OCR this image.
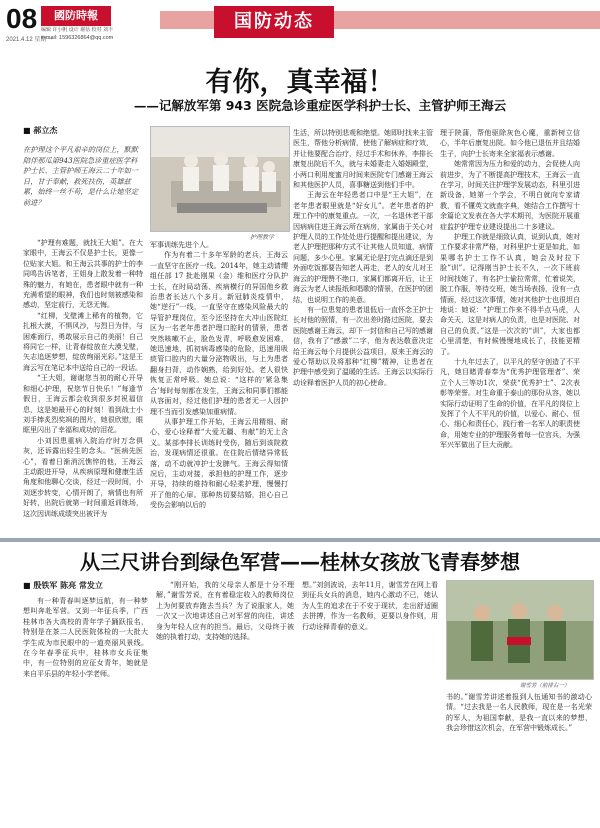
08
2021.4.12 星期一
國防時報
编辑 许小帆 设计 谢蓓 校对 刘丰
e-mail: 1596326864@qq.com
国防动态
有你，真幸福！
——记解放军第 943 医院急诊重症医学科护士长、主管护师王海云
■ 郝立杰
在护理这个平凡艰辛的岗位上，默默陪伴那瓜第943医院急诊重症医学科护士长、主管护师王海云二十年如一日，甘于奉献，救死扶伤，英雄兹累，始终一丝不苟，是什么让她坚定前进？
护理教学

“护理有难题，就找王大姐”。在大家眼中，王海云不仅是护士长，更像一位贴家大姐。和王海云共事的护士的李同鸣告诉笔者，王姐身上散发着一种特殊的魅力，有她在，患者眼中就有一种充满希望的眼神，我们也时刻被感染和感动，坚定前行，无怨无悔。

“红柳，戈壁滩上稀有的植物，它扎根大漠，不惧风沙，与烈日为伴，与困难面行，勇敢展示自己的美丽！自己将同它一样，让青春绽放在大漠戈壁，矢志追逐梦想，绽放绚丽光彩。”这是王海云写在笔记本中送给自己的一段话。

“王大姐，谢谢您当初的耐心开导和细心护理，祝您节日快乐！”每逢节假日，王海云都会收到很多封祝福信息，这是她最开心的时刻！看到战士小刘手捧炙烈奖飒的图片，她很欣慰，眼眶里闪出了幸福和成功的泪花。

小刘因患重病入院治疗时万念俱灰，还诉露出轻生的念头。“医病先医心”，看着日渐消沉憔悴的他，王海云主动跟进开导，从疾病原理和健康生活角度和他聊心交谈，经过一段时间，小刘逐步转变，心情开朗了，病情也有所好转，出院后就第一时间重返训练场，这次因训练成绩突出被评为

军事训练先进个人。

作为有着二十多年军龄的老兵，王海云一直坚守在医疗一线。2014年，她主动请缨组任部 17 批赴刚果（金）维和医疗分队护士长，在时局动荡、疾病横行的异国他乡救治患者长达八个多月。新冠肺炎疫情中，她“逆行”一线，一直坚守在感染风险最大的导管护理岗位，至今还坚持在大冲山医院红区为一名老年患者护理口腔时的情景，患者突然咳嗽不止，脸色发青，呼吸愈发困难，她迅速地，抓初病毒感染的危险，迅速用吸痰管口腔内的大量分泌物吸出，与上为患者翻身扫背，动作娴熟，给到好处。老人很快恢复正常呼吸。她总说：“这样的‘紧急集合’每时每刻都在发生，王海云和同事们都能从容面对，经过他们护理的患者无一人因护理不当而引发感染加重病情。

从事护理工作开始，王海云用精细、耐心、爱心诠释着“大爱无疆、有献”的无上含义。某部李排长训练时受伤，随后到该院救治，发现病情还很重。在住院后情绪异常低落，动不动就冲护士发脾气。王海云得知情况后，主动对接，承担他的护理工作，逐步开导，持续的维持和耐心轻柔护理，慢慢打开了他的心扉。那种热切要结婚，担心自己受伤会影响以后的

生活，所以特别悲观和绝望。她即时找来主管医生，帮他分析病情，使他了解病症和疗效，并让他要配合治疗，经过手术和休养，李排长康复出院后不久，就与未婚妻走入婚姻殿堂，小两口利用度蜜月时间来医院专门感谢王海云和其他医护人员，喜事糖送到他们手中。

王海云在年轻患者口中是“王大姐”，在老年患者眼里就是“好女儿”。老年患者的护理工作中的康复重点。一次，一名退休老干部因病病住进王海云所在病房，家属由于关心对护理人员的工作处处进行提醒和提出建议，为老人护理把那种方式不让其他人员知道，病情问题，多少心里。家属无论是打完点滴还是到外面吃饭都要告知老人再走，老人的女儿对王海云的护理赞不绝口，家属们都离开后，让王海云为老人读报纸和唱歌的情景，在医护的团结，也说明工作的美意。

有一位患复的患者退低后一直怀念王护士长对他的照情，有一次出差时路过医院，要去医院感谢王海云，却下一封信和自己写的感谢信，我有了“感激”二字，他为表达敬意决定给王海云每个月提供公益项目，原来王海云的爱心帮助以及将那种“红柳”精神，让患者在护理中感受到了温暖的生活。王海云以实际行动诠释着医护人员的初心使命。

理于陕蒲，帮他驱除灰色心魔，重新树立信心，半年后康复出院。如今他已退伍并且结婚生子，向护士长寄来全家福表示感谢。

她常常因为压力和爱的动力，会促使人向前进步，为了不断提高护理技术，王海云一直在学习，时间关注护理学发展动态，科里引进新设备，她第一个学会，不明白就向专家请教，看不懂英文就查字典，她结合工作撰写十余篇论文发表在各大学术期刊，为医院开展重症监护护理专业建设提出二十多建议。

护理工作就是细致认真，说到认真，她对工作要求非常严格，对科里护士更是如此，如果哪名护士工作不认真，她会及时拉下脸”训”。记得刚当护士长不久，一次下班前时间找她了，有名护士偷拉常常，忙着说笑，脱工作服，等待交班，她当场表扬，没有一点情面，经过这次事情，她对其他护士也很坦白地说：她说：“护理工作来不得半点马虎，人命关天，这是对病人的负责，也是对医院、对自己的负责。”这是一次次的“训”，大家也都心里清楚，有时候慢慢地成长了，技能更精了。

十九年过去了，以平凡的坚守创造了不平凡，她目睹青春奉为“优秀护理管理者”、荣立个人三等功1次，荣获“优秀护士”、2次表彰等荣誉。对生命重于泰山的那份从容，她以实际行动证明了生命的价值，在平凡的岗位上发挥了个人不平凡的价值，以爱心、耐心、恒心、细心和责任心，践行着一名军人的职责使命，用她专业的护理服务着每一位官兵，为强军兴军做出了巨大贡献。

从三尺讲台到绿色军营——桂林女孩放飞青春梦想
■ 殷铁军 陈亮 常发立

有一种青春叫逐梦远航，有一种梦想叫奔赴军营。又到一年征兵季，广西桂林市各大高校的青年学子踊跃报名，特别是在茶二人民医院体检的一大批大学生成为市民眼中的一道亮丽风景线。在今年春季征兵中，桂林市女兵征集中，有一位特别的应征女青年，她就是来自平乐县的年轻小学老师。

“刚开始，我的父母亲人都是十分不理解，”谢雪芳说，在有着稳定收入的教师岗位上为何要放弃跑去当兵？为了说服家人，她一次又一次地讲述自己对军营的向往，讲述身为年轻人应有的担当。最后，父母终于被她的执着打动，支持她的选择。

想。”刘剑波说，去年11月，谢雪芳在网上看到征兵女兵的消息，她内心激动不已，她认为人生的追求在于不安于现状，走出舒适圈去拼搏，作为一名教师，更要以身作则，用行动诠释青春的意义。

谢雪芳（前排右一）

书的。”谢雪芳讲述着报到人伍通知书的激动心情。“过去我是一名人民教师，现在是一名光荣的军人，为祖国奉献，是我一直以来的梦想，我会珍惜这次机会，在军营中锻炼成长。”
